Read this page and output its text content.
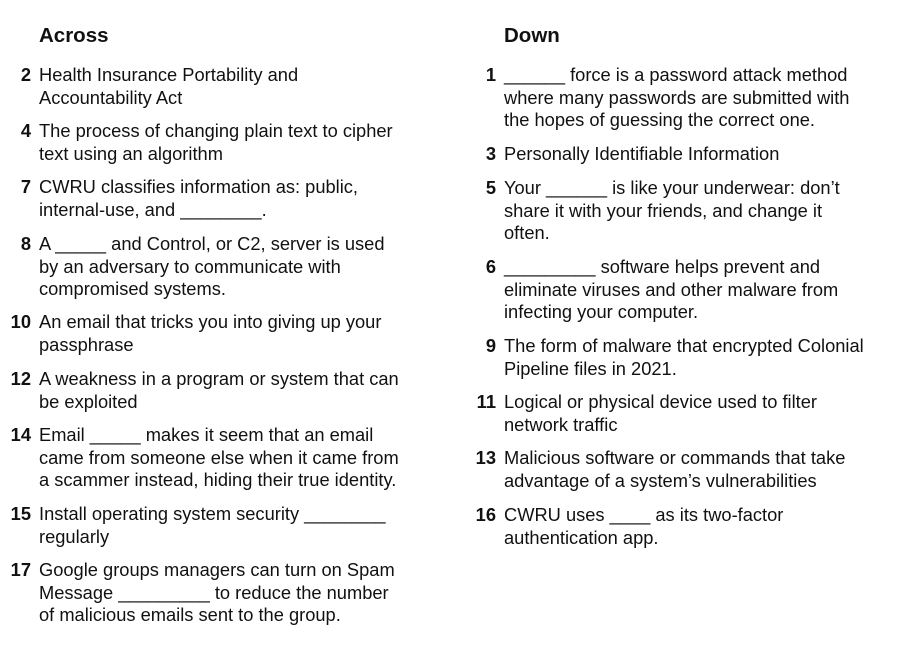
Across
2 Health Insurance Portability and
Accountability Act
4 The process of changing plain text to cipher
text using an algorithm
7 CWRU classifies information as: public,
internal-use, and ________.
8 A _____ and Control, or C2, server is used
by an adversary to communicate with
compromised systems.
10 An email that tricks you into giving up your
passphrase
12 A weakness in a program or system that can
be exploited
14 Email _____ makes it seem that an email
came from someone else when it came from
a scammer instead, hiding their true identity.
15 Install operating system security ________
regularly
17 Google groups managers can turn on Spam
Message _________ to reduce the number
of malicious emails sent to the group.
Down
1 ______ force is a password attack method
where many passwords are submitted with
the hopes of guessing the correct one.
3 Personally Identifiable Information
5 Your ______ is like your underwear: don’t
share it with your friends, and change it
often.
6 _________ software helps prevent and
eliminate viruses and other malware from
infecting your computer.
9 The form of malware that encrypted Colonial
Pipeline files in 2021.
11 Logical or physical device used to filter
network traffic
13 Malicious software or commands that take
advantage of a system’s vulnerabilities
16 CWRU uses ____ as its two-factor
authentication app.
